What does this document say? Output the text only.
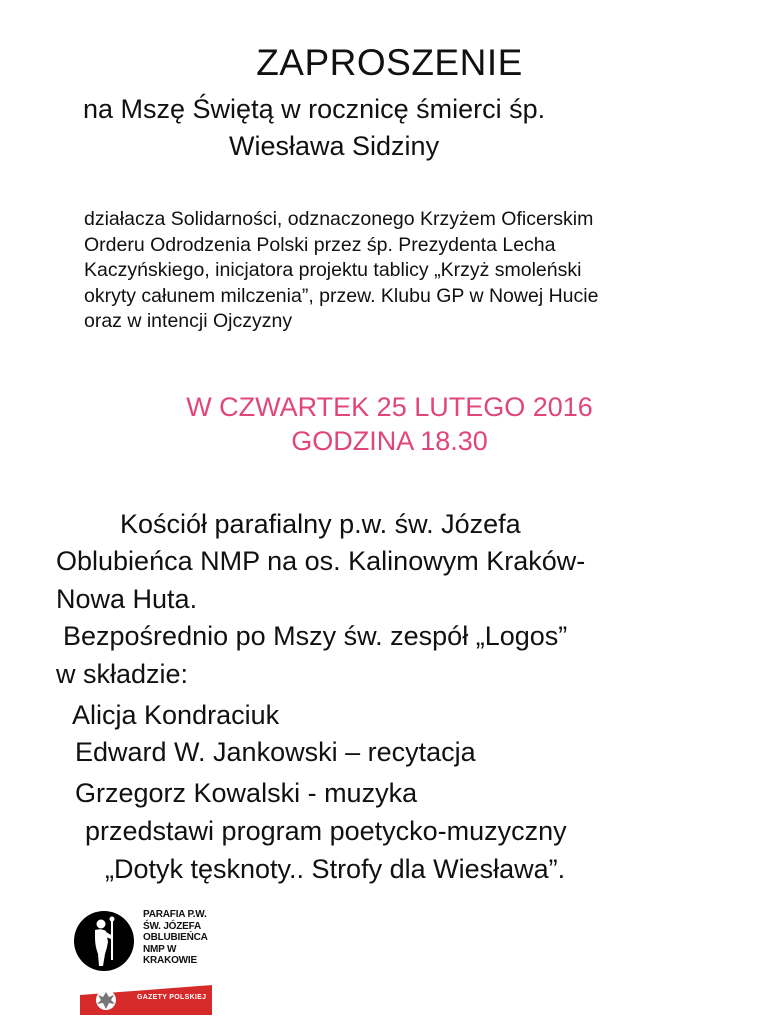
ZAPROSZENIE
na Mszę Świętą w rocznicę śmierci śp.
Wiesława Sidziny
działacza Solidarności, odznaczonego Krzyżem Oficerskim
Orderu Odrodzenia Polski przez śp. Prezydenta Lecha
Kaczyńskiego, inicjatora projektu tablicy „Krzyż smoleński
okryty całunem milczenia”, przew. Klubu GP w Nowej Hucie
oraz w intencji Ojczyzny
W CZWARTEK 25 LUTEGO 2016
GODZINA 18.30
Kościół parafialny p.w. św. Józefa
Oblubieńca NMP na os. Kalinowym Kraków-
Nowa Huta.
Bezpośrednio po Mszy św. zespół „Logos”
w składzie:
Alicja Kondraciuk
Edward W. Jankowski – recytacja
Grzegorz Kowalski - muzyka
przedstawi program poetycko-muzyczny
„Dotyk tęsknoty.. Strofy dla Wiesława”.
PARAFIA P.W.
ŚW. JÓZEFA
OBLUBIEŃCA
NMP W
KRAKOWIE
GAZETY POLSKIEJ
